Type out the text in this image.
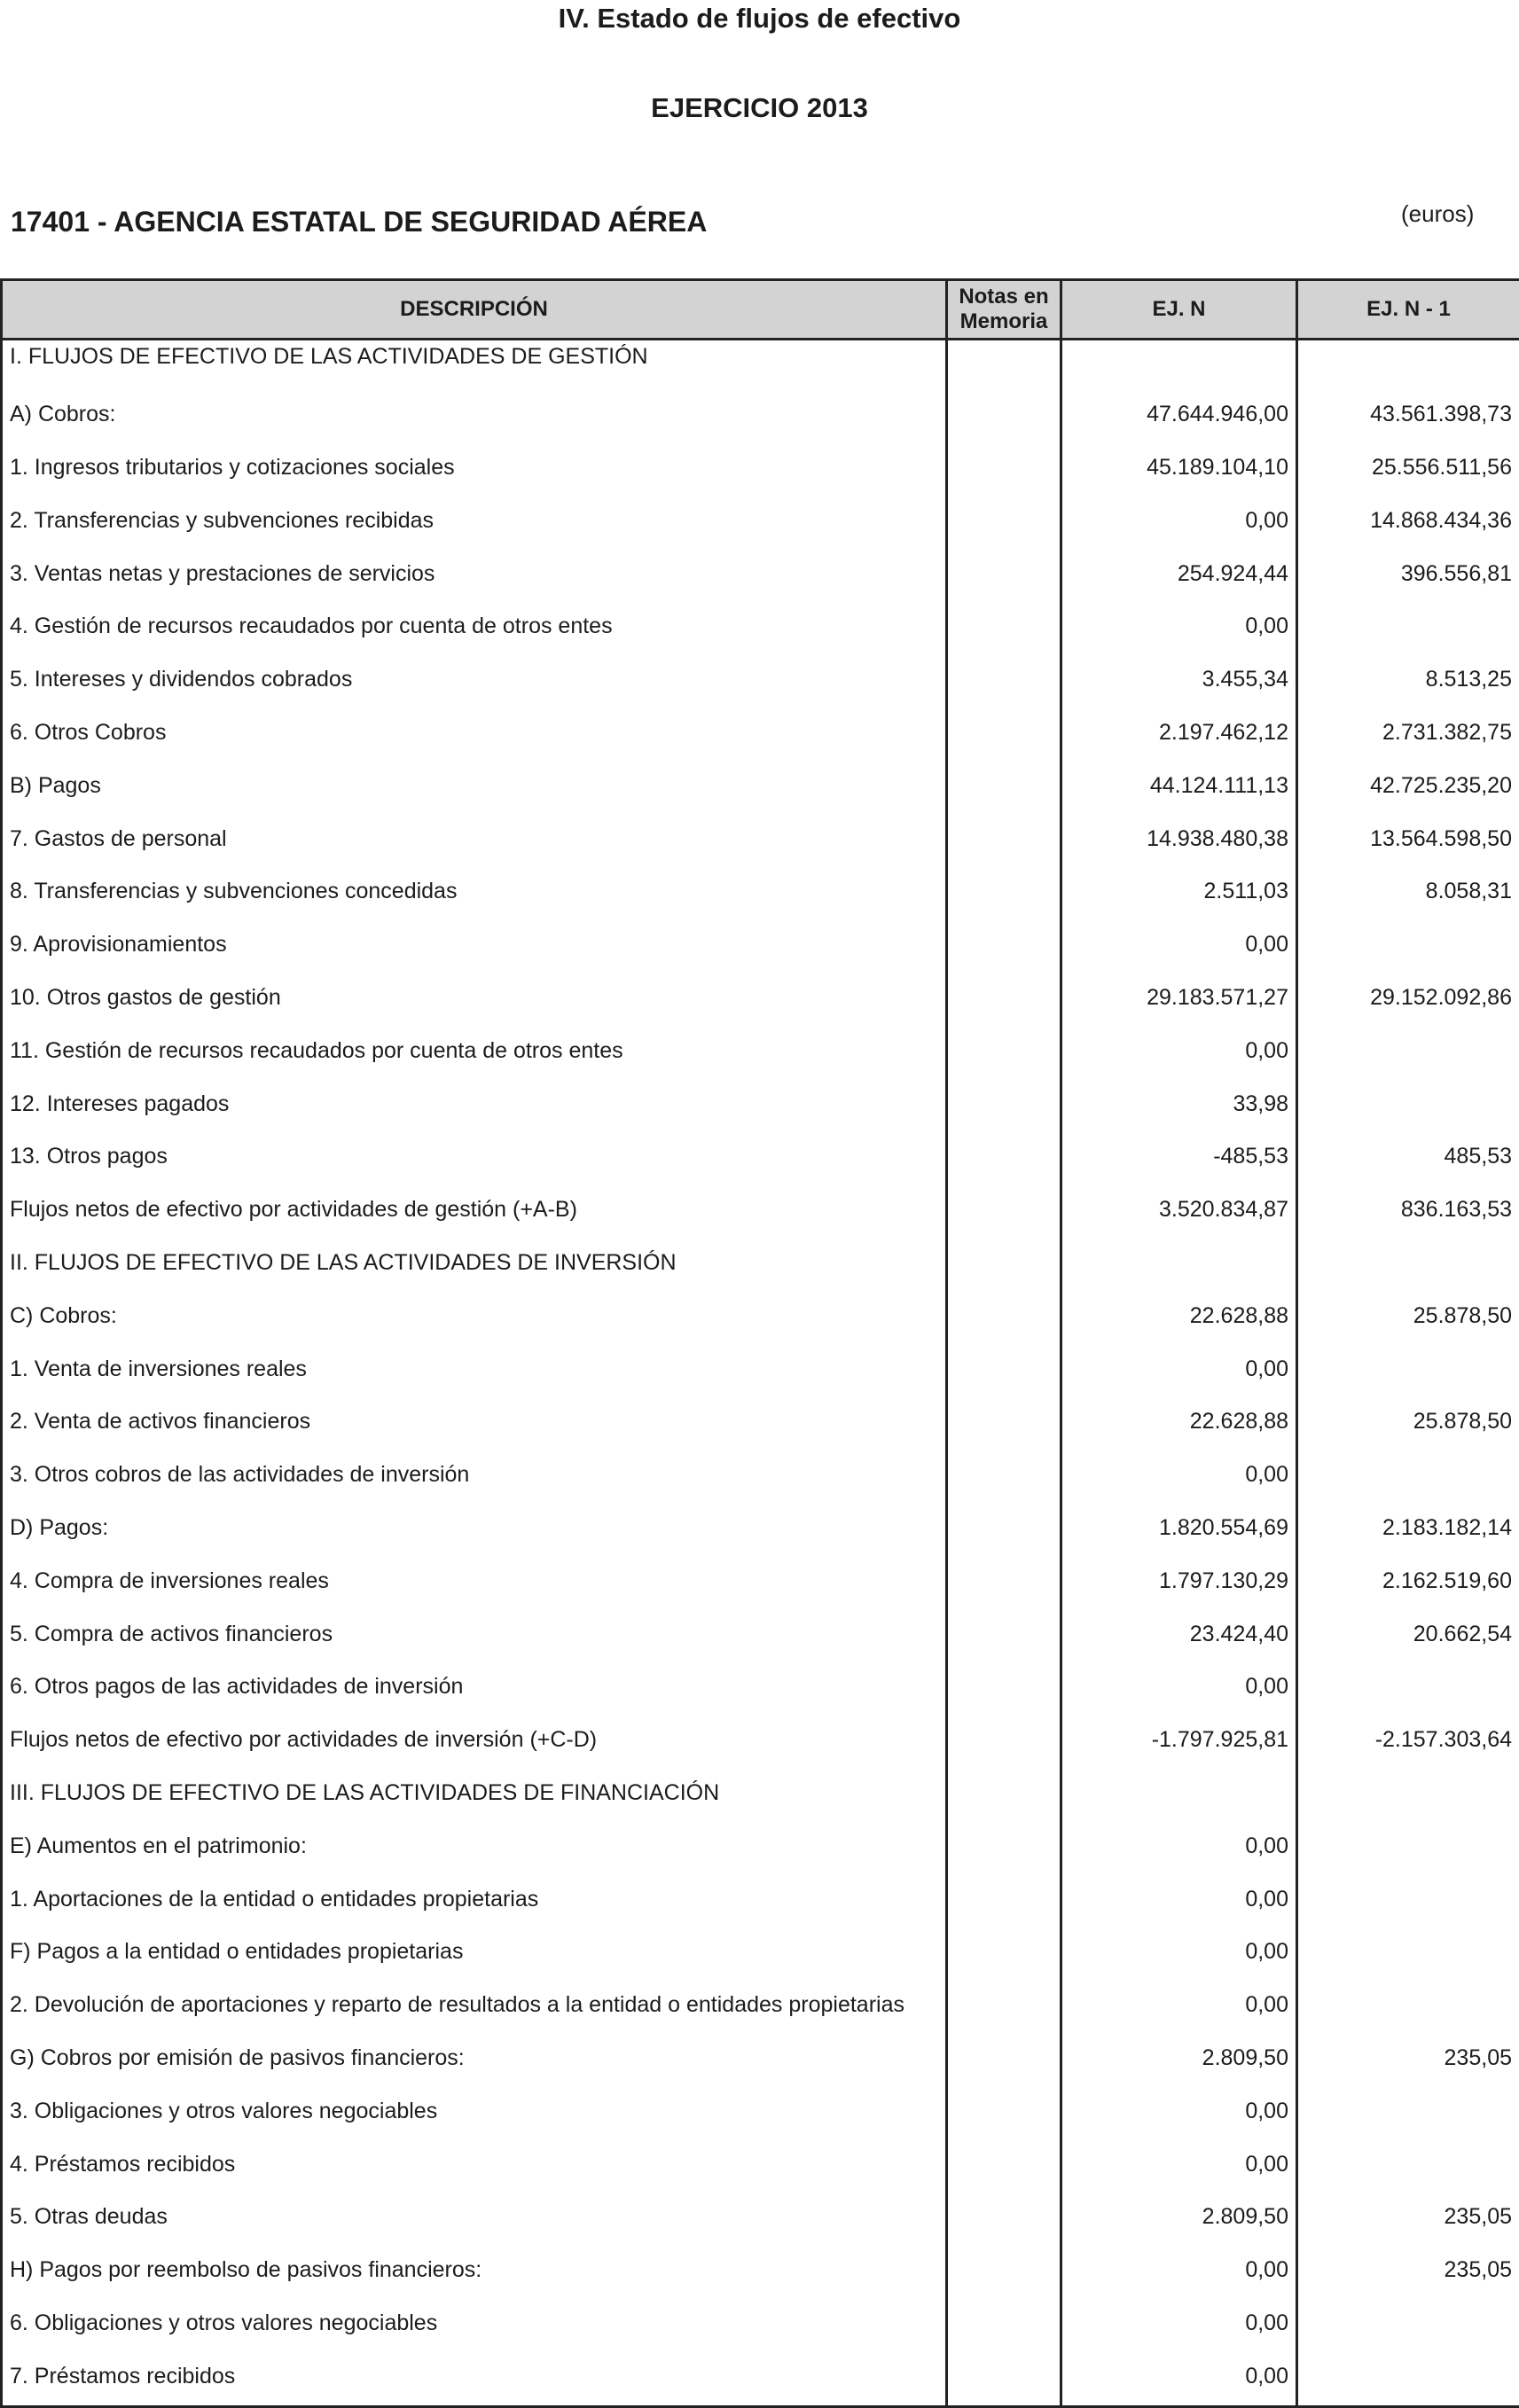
IV. Estado de flujos de efectivo
EJERCICIO 2013
17401 - AGENCIA ESTATAL DE SEGURIDAD AÉREA	(euros)
DESCRIPCIÓN	Notas en Memoria	EJ. N	EJ. N - 1
I. FLUJOS DE EFECTIVO DE LAS ACTIVIDADES DE GESTIÓN			
A) Cobros:		47.644.946,00	43.561.398,73
1. Ingresos tributarios y cotizaciones sociales		45.189.104,10	25.556.511,56
2. Transferencias y subvenciones recibidas		0,00	14.868.434,36
3. Ventas netas y prestaciones de servicios		254.924,44	396.556,81
4. Gestión de recursos recaudados por cuenta de otros entes		0,00	
5. Intereses y dividendos cobrados		3.455,34	8.513,25
6. Otros Cobros		2.197.462,12	2.731.382,75
B) Pagos		44.124.111,13	42.725.235,20
7. Gastos de personal		14.938.480,38	13.564.598,50
8. Transferencias y subvenciones concedidas		2.511,03	8.058,31
9. Aprovisionamientos		0,00	
10. Otros gastos de gestión		29.183.571,27	29.152.092,86
11. Gestión de recursos recaudados por cuenta de otros entes		0,00	
12. Intereses pagados		33,98	
13. Otros pagos		-485,53	485,53
Flujos netos de efectivo por actividades de gestión (+A-B)		3.520.834,87	836.163,53
II. FLUJOS DE EFECTIVO DE LAS ACTIVIDADES DE INVERSIÓN			
C) Cobros:		22.628,88	25.878,50
1. Venta de inversiones reales		0,00	
2. Venta de activos financieros		22.628,88	25.878,50
3. Otros cobros de las actividades de inversión		0,00	
D) Pagos:		1.820.554,69	2.183.182,14
4. Compra de inversiones reales		1.797.130,29	2.162.519,60
5. Compra de activos financieros		23.424,40	20.662,54
6. Otros pagos de las actividades de inversión		0,00	
Flujos netos de efectivo por actividades de inversión (+C-D)		-1.797.925,81	-2.157.303,64
III. FLUJOS DE EFECTIVO DE LAS ACTIVIDADES DE FINANCIACIÓN			
E) Aumentos en el patrimonio:		0,00	
1. Aportaciones de la entidad o entidades propietarias		0,00	
F) Pagos a la entidad o entidades propietarias		0,00	
2. Devolución de aportaciones y reparto de resultados a la entidad o entidades propietarias		0,00	
G) Cobros por emisión de pasivos financieros:		2.809,50	235,05
3. Obligaciones y otros valores negociables		0,00	
4. Préstamos recibidos		0,00	
5. Otras deudas		2.809,50	235,05
H) Pagos por reembolso de pasivos financieros:		0,00	235,05
6. Obligaciones y otros valores negociables		0,00	
7. Préstamos recibidos		0,00	
